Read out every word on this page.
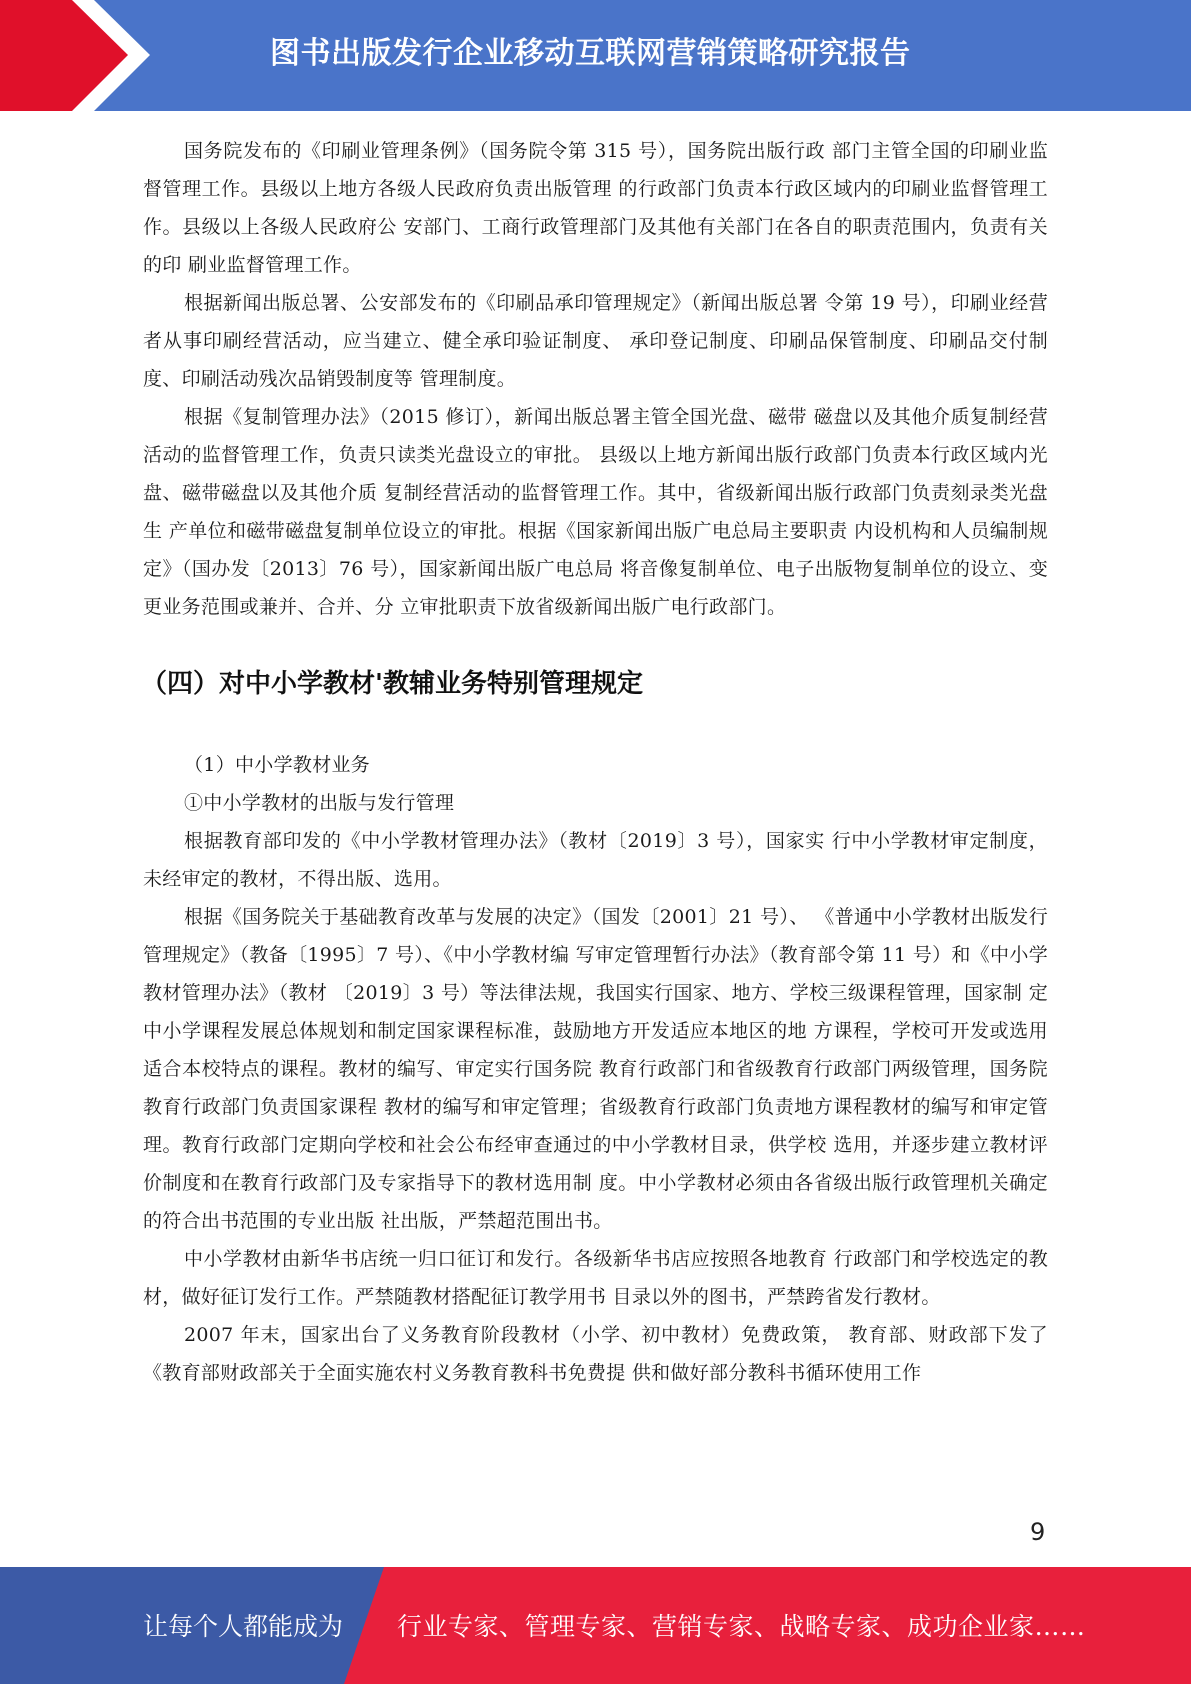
图书出版发行企业移动互联网营销策略研究报告

国务院发布的《印刷业管理条例》（国务院令第 315 号），国务院出版行政 部门主管全国的印刷业监督管理工作。县级以上地方各级人民政府负责出版管理 的行政部门负责本行政区域内的印刷业监督管理工作。县级以上各级人民政府公 安部门、工商行政管理部门及其他有关部门在各自的职责范围内，负责有关的印 刷业监督管理工作。

根据新闻出版总署、公安部发布的《印刷品承印管理规定》（新闻出版总署 令第 19 号），印刷业经营者从事印刷经营活动，应当建立、健全承印验证制度、 承印登记制度、印刷品保管制度、印刷品交付制度、印刷活动残次品销毁制度等 管理制度。

根据《复制管理办法》（2015 修订），新闻出版总署主管全国光盘、磁带 磁盘以及其他介质复制经营活动的监督管理工作，负责只读类光盘设立的审批。 县级以上地方新闻出版行政部门负责本行政区域内光盘、磁带磁盘以及其他介质 复制经营活动的监督管理工作。其中，省级新闻出版行政部门负责刻录类光盘生 产单位和磁带磁盘复制单位设立的审批。根据《国家新闻出版广电总局主要职责 内设机构和人员编制规定》（国办发〔2013〕76 号），国家新闻出版广电总局 将音像复制单位、电子出版物复制单位的设立、变更业务范围或兼并、合并、分 立审批职责下放省级新闻出版广电行政部门。

（四）对中小学教材'教辅业务特别管理规定

（1）中小学教材业务

①中小学教材的出版与发行管理

根据教育部印发的《中小学教材管理办法》（教材〔2019〕3 号），国家实 行中小学教材审定制度，未经审定的教材，不得出版、选用。

根据《国务院关于基础教育改革与发展的决定》（国发〔2001〕21 号）、 《普通中小学教材出版发行管理规定》（教备〔1995〕7 号）、《中小学教材编 写审定管理暂行办法》（教育部令第 11 号）和《中小学教材管理办法》（教材 〔2019〕3 号）等法律法规，我国实行国家、地方、学校三级课程管理，国家制 定中小学课程发展总体规划和制定国家课程标准，鼓励地方开发适应本地区的地 方课程，学校可开发或选用适合本校特点的课程。教材的编写、审定实行国务院 教育行政部门和省级教育行政部门两级管理，国务院教育行政部门负责国家课程 教材的编写和审定管理；省级教育行政部门负责地方课程教材的编写和审定管理。教育行政部门定期向学校和社会公布经审查通过的中小学教材目录，供学校 选用，并逐步建立教材评价制度和在教育行政部门及专家指导下的教材选用制 度。中小学教材必须由各省级出版行政管理机关确定的符合出书范围的专业出版 社出版，严禁超范围出书。

中小学教材由新华书店统一归口征订和发行。各级新华书店应按照各地教育 行政部门和学校选定的教材，做好征订发行工作。严禁随教材搭配征订教学用书 目录以外的图书，严禁跨省发行教材。

2007 年末，国家出台了义务教育阶段教材（小学、初中教材）免费政策， 教育部、财政部下发了《教育部财政部关于全面实施农村义务教育教科书免费提 供和做好部分教科书循环使用工作

9
让每个人都能成为 行业专家、管理专家、营销专家、战略专家、成功企业家……
